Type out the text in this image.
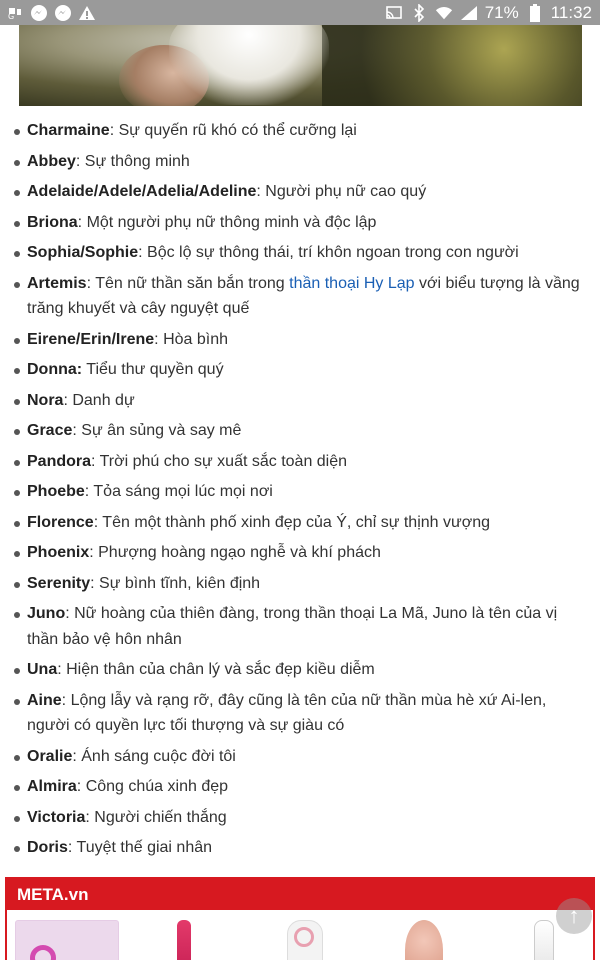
G	71% 11:32
Charmaine: Sự quyến rũ khó có thể cưỡng lại
Abbey: Sự thông minh
Adelaide/Adele/Adelia/Adeline: Người phụ nữ cao quý
Briona: Một người phụ nữ thông minh và độc lập
Sophia/Sophie: Bộc lộ sự thông thái, trí khôn ngoan trong con người
Artemis: Tên nữ thần săn bắn trong thần thoại Hy Lạp với biểu tượng là vầng trăng khuyết và cây nguyệt quế
Eirene/Erin/Irene: Hòa bình
Donna: Tiểu thư quyền quý
Nora: Danh dự
Grace: Sự ân sủng và say mê
Pandora: Trời phú cho sự xuất sắc toàn diện
Phoebe: Tỏa sáng mọi lúc mọi nơi
Florence: Tên một thành phố xinh đẹp của Ý, chỉ sự thịnh vượng
Phoenix: Phượng hoàng ngạo nghễ và khí phách
Serenity: Sự bình tĩnh, kiên định
Juno: Nữ hoàng của thiên đàng, trong thần thoại La Mã, Juno là tên của vị thần bảo vệ hôn nhân
Una: Hiện thân của chân lý và sắc đẹp kiều diễm
Aine: Lộng lẫy và rạng rỡ, đây cũng là tên của nữ thần mùa hè xứ Ai-len, người có quyền lực tối thượng và sự giàu có
Oralie: Ánh sáng cuộc đời tôi
Almira: Công chúa xinh đẹp
Victoria: Người chiến thắng
Doris: Tuyệt thế giai nhân
META.vn
↑
